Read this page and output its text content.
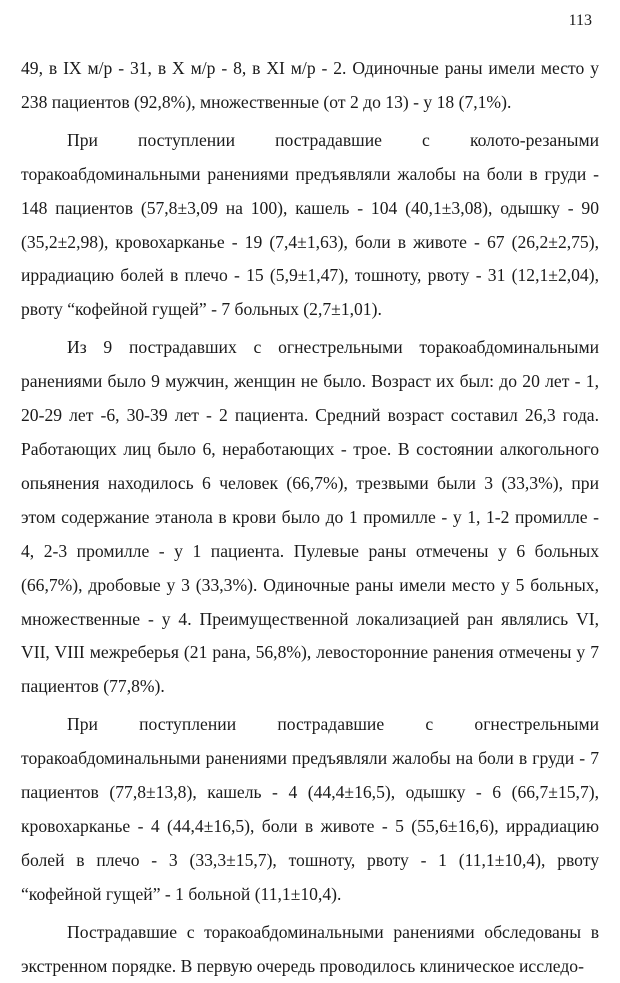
113

49, в IX м/р - 31, в X м/р - 8, в XI м/р - 2. Одиночные раны имели место у 238 пациентов (92,8%), множественные (от 2 до 13) - у 18 (7,1%).

При поступлении пострадавшие с колото-резаными торакоабдоминальными ранениями предъявляли жалобы на боли в груди - 148 пациентов (57,8±3,09 на 100), кашель - 104 (40,1±3,08), одышку - 90 (35,2±2,98), кровохарканье - 19 (7,4±1,63), боли в животе - 67 (26,2±2,75), иррадиацию болей в плечо - 15 (5,9±1,47), тошноту, рвоту - 31 (12,1±2,04), рвоту “кофейной гущей” - 7 больных (2,7±1,01).

Из 9 пострадавших с огнестрельными торакоабдоминальными ранениями было 9 мужчин, женщин не было. Возраст их был: до 20 лет - 1, 20-29 лет -6, 30-39 лет - 2 пациента. Средний возраст составил 26,3 года. Работающих лиц было 6, неработающих - трое. В состоянии алкогольного опьянения находилось 6 человек (66,7%), трезвыми были 3 (33,3%), при этом содержание этанола в крови было до 1 промилле - у 1, 1-2 промилле - 4, 2-3 промилле - у 1 пациента. Пулевые раны отмечены у 6 больных (66,7%), дробовые у 3 (33,3%). Одиночные раны имели место у 5 больных, множественные - у 4. Преимущественной локализацией ран являлись VI, VII, VIII межреберья (21 рана, 56,8%), левосторонние ранения отмечены у 7 пациентов (77,8%).

При поступлении пострадавшие с огнестрельными торакоабдоминальными ранениями предъявляли жалобы на боли в груди - 7 пациентов (77,8±13,8), кашель - 4 (44,4±16,5), одышку - 6 (66,7±15,7), кровохарканье - 4 (44,4±16,5), боли в животе - 5 (55,6±16,6), иррадиацию болей в плечо - 3 (33,3±15,7), тошноту, рвоту - 1 (11,1±10,4), рвоту “кофейной гущей” - 1 больной (11,1±10,4).

Пострадавшие с торакоабдоминальными ранениями обследованы в экстренном порядке. В первую очередь проводилось клиническое исследо-
